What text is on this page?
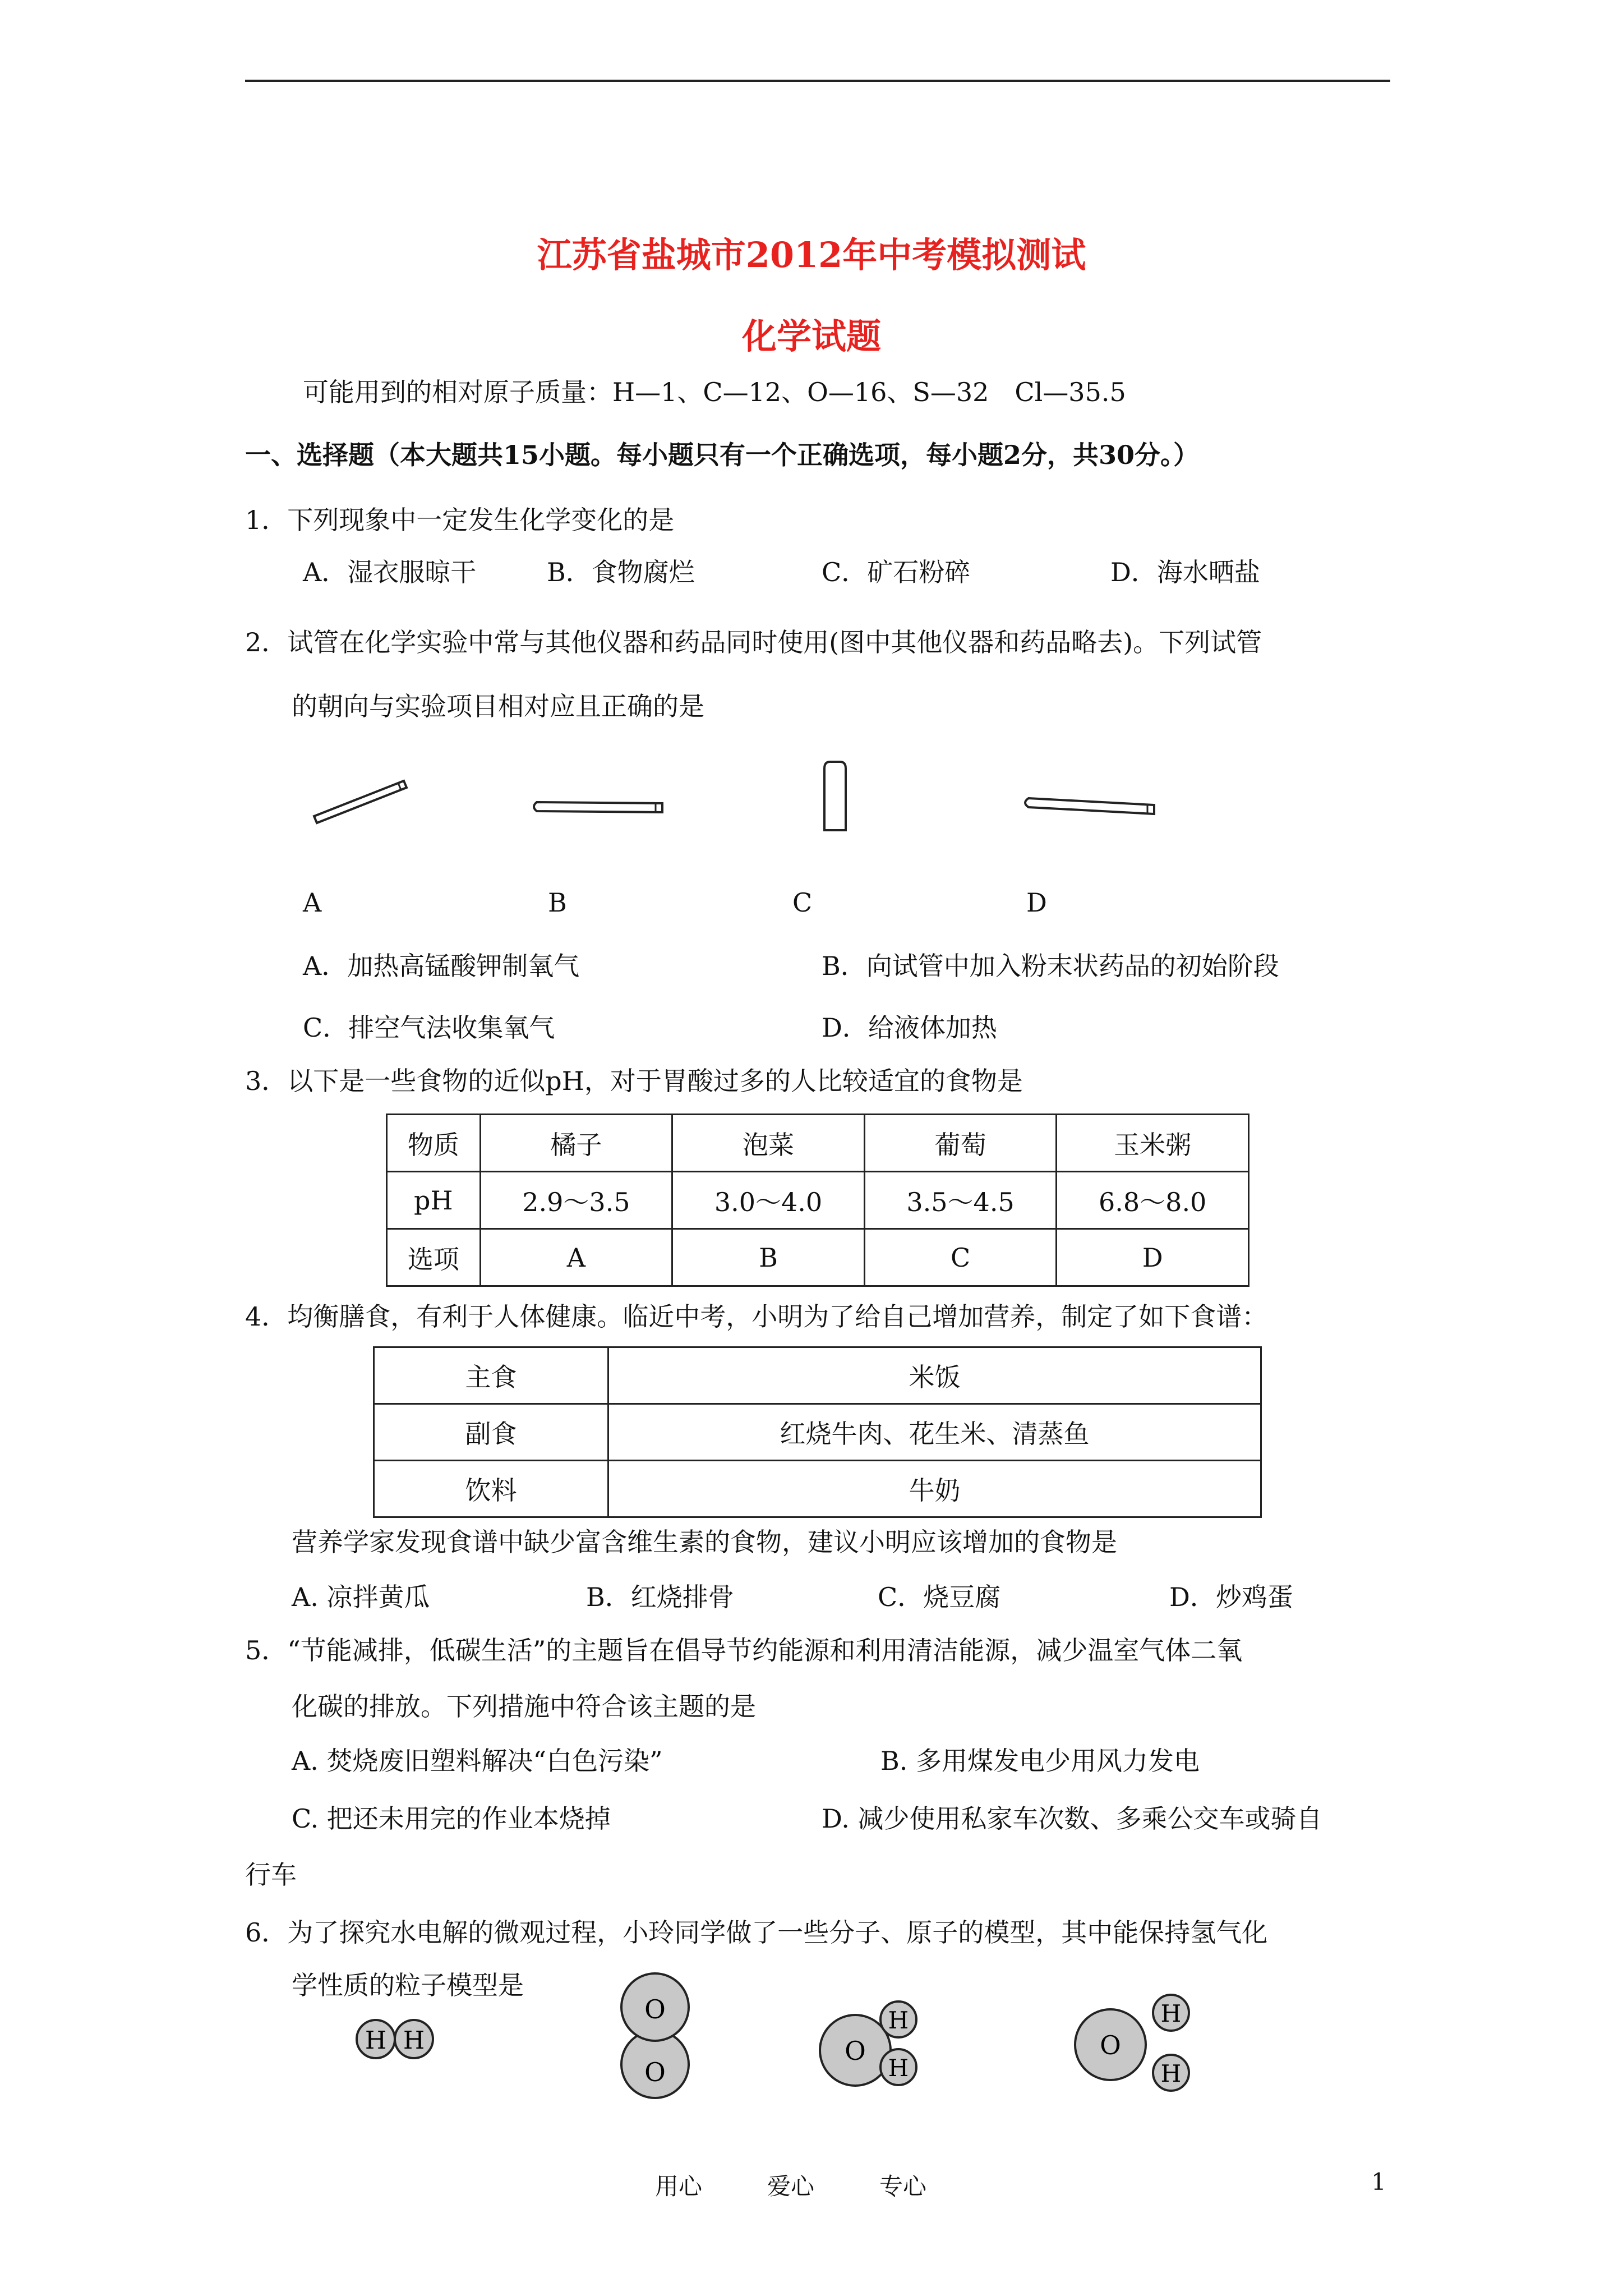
江苏省盐城市2012年中考模拟测试
化学试题
可能用到的相对原子质量：H—1、C—12、O—16、S—32　Cl—35.5
一、选择题（本大题共15小题。每小题只有一个正确选项，每小题2分，共30分。）
1．下列现象中一定发生化学变化的是
A．湿衣服晾干	B．食物腐烂	C．矿石粉碎	D．海水晒盐
2．试管在化学实验中常与其他仪器和药品同时使用(图中其他仪器和药品略去)。下列试管
的朝向与实验项目相对应且正确的是
A	B	C	D
A．加热高锰酸钾制氧气	B．向试管中加入粉末状药品的初始阶段
C．排空气法收集氧气	D．给液体加热
3．以下是一些食物的近似pH，对于胃酸过多的人比较适宜的食物是
物质	橘子	泡菜	葡萄	玉米粥
pH	2.9～3.5	3.0～4.0	3.5～4.5	6.8～8.0
选项	A	B	C	D
4．均衡膳食，有利于人体健康。临近中考，小明为了给自己增加营养，制定了如下食谱：
主食	米饭
副食	红烧牛肉、花生米、清蒸鱼
饮料	牛奶
营养学家发现食谱中缺少富含维生素的食物，建议小明应该增加的食物是
A. 凉拌黄瓜	B．红烧排骨	C．烧豆腐	D．炒鸡蛋
5．“节能减排，低碳生活”的主题旨在倡导节约能源和利用清洁能源，减少温室气体二氧
化碳的排放。下列措施中符合该主题的是
A. 焚烧废旧塑料解决“白色污染”	B. 多用煤发电少用风力发电
C. 把还未用完的作业本烧掉	D. 减少使用私家车次数、多乘公交车或骑自
行车
6．为了探究水电解的微观过程，小玲同学做了一些分子、原子的模型，其中能保持氢气化
学性质的粒子模型是
H H
O
O
O
H
H
O
H
H
用心	爱心	专心	1
